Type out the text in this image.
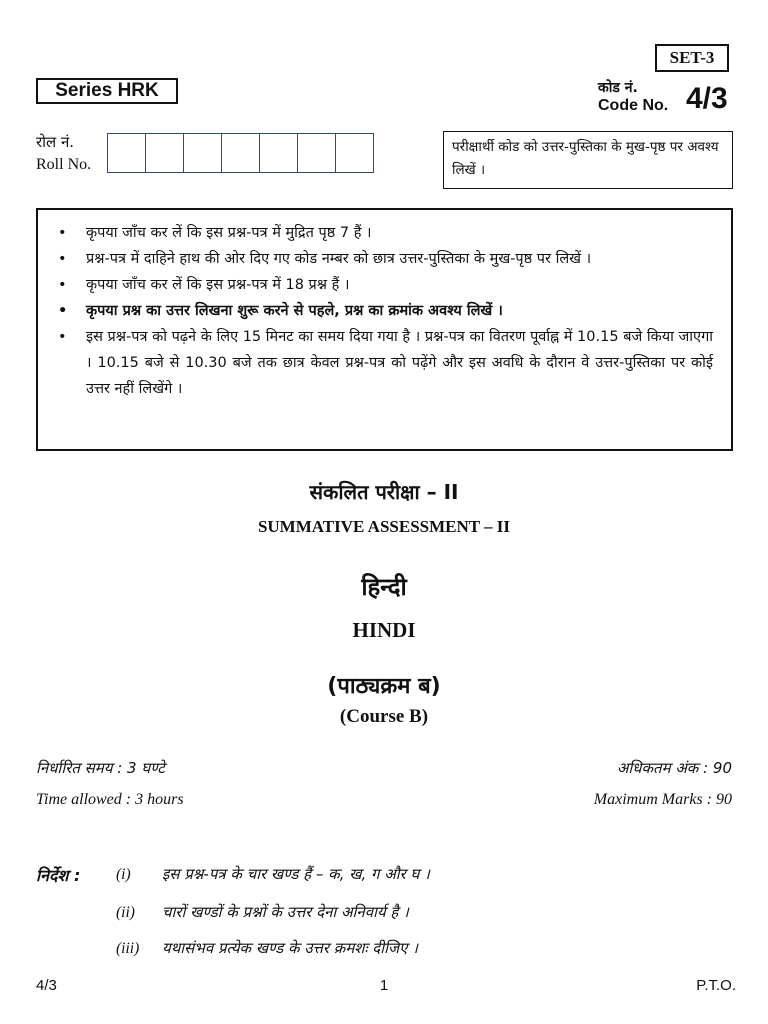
SET-3
Series HRK	कोड नं.
Code No. 4/3
रोल नं.
Roll No.
परीक्षार्थी कोड को उत्तर-पुस्तिका के मुख-पृष्ठ पर अवश्य लिखें ।
• कृपया जाँच कर लें कि इस प्रश्न-पत्र में मुद्रित पृष्ठ 7 हैं ।
• प्रश्न-पत्र में दाहिने हाथ की ओर दिए गए कोड नम्बर को छात्र उत्तर-पुस्तिका के मुख-पृष्ठ पर लिखें ।
• कृपया जाँच कर लें कि इस प्रश्न-पत्र में 18 प्रश्न हैं ।
• कृपया प्रश्न का उत्तर लिखना शुरू करने से पहले, प्रश्न का क्रमांक अवश्य लिखें ।
• इस प्रश्न-पत्र को पढ़ने के लिए 15 मिनट का समय दिया गया है । प्रश्न-पत्र का वितरण पूर्वाह्न में 10.15 बजे किया जाएगा । 10.15 बजे से 10.30 बजे तक छात्र केवल प्रश्न-पत्र को पढ़ेंगे और इस अवधि के दौरान वे उत्तर-पुस्तिका पर कोई उत्तर नहीं लिखेंगे ।
संकलित परीक्षा – II
SUMMATIVE ASSESSMENT – II
हिन्दी
HINDI
(पाठ्यक्रम ब)
(Course B)
निर्धारित समय : 3 घण्टे
Time allowed : 3 hours
अधिकतम अंक : 90
Maximum Marks : 90
निर्देश : (i) इस प्रश्न-पत्र के चार खण्ड हैं – क, ख, ग और घ ।
(ii) चारों खण्डों के प्रश्नों के उत्तर देना अनिवार्य है ।
(iii) यथासंभव प्रत्येक खण्ड के उत्तर क्रमशः दीजिए ।
4/3	1	P.T.O.
